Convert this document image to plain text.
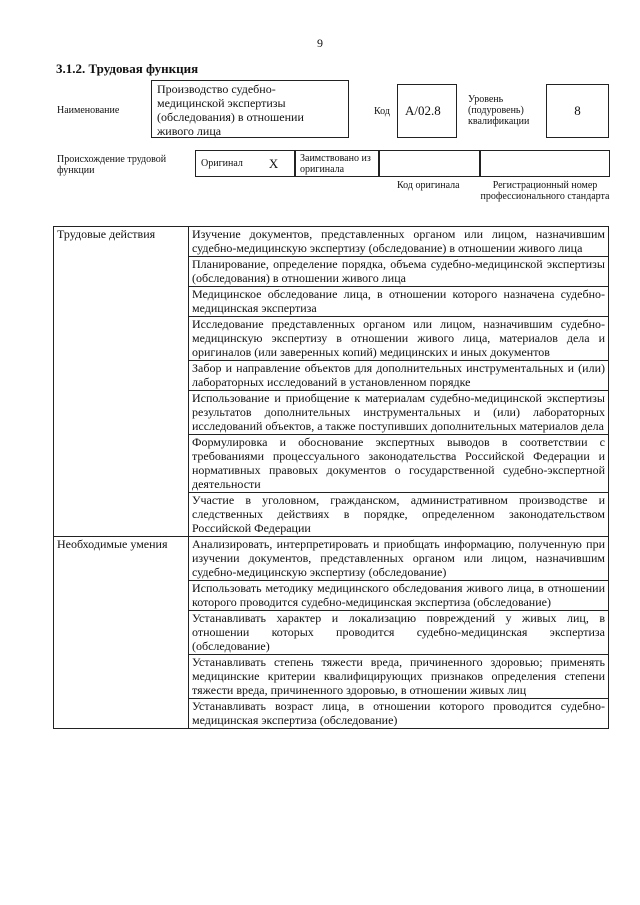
9
3.1.2. Трудовая функция
Наименование
Производство судебно-медицинской экспертизы (обследования) в отношении живого лица
Код	A/02.8
Уровень (подуровень) квалификации
8
Происхождение трудовой функции
Оригинал X	Заимствовано из оригинала
Код оригинала	Регистрационный номер профессионального стандарта
Трудовые действия	Изучение документов, представленных органом или лицом, назначившим судебно-медицинскую экспертизу (обследование) в отношении живого лица
	Планирование, определение порядка, объема судебно-медицинской экспертизы (обследования) в отношении живого лица
	Медицинское обследование лица, в отношении которого назначена судебно-медицинская экспертиза
	Исследование представленных органом или лицом, назначившим судебно-медицинскую экспертизу в отношении живого лица, материалов дела и оригиналов (или заверенных копий) медицинских и иных документов
	Забор и направление объектов для дополнительных инструментальных и (или) лабораторных исследований в установленном порядке
	Использование и приобщение к материалам судебно-медицинской экспертизы результатов дополнительных инструментальных и (или) лабораторных исследований объектов, а также поступивших дополнительных материалов дела
	Формулировка и обоснование экспертных выводов в соответствии с требованиями процессуального законодательства Российской Федерации и нормативных правовых документов о государственной судебно-экспертной деятельности
	Участие в уголовном, гражданском, административном производстве и следственных действиях в порядке, определенном законодательством Российской Федерации
Необходимые умения	Анализировать, интерпретировать и приобщать информацию, полученную при изучении документов, представленных органом или лицом, назначившим судебно-медицинскую экспертизу (обследование)
	Использовать методику медицинского обследования живого лица, в отношении которого проводится судебно-медицинская экспертиза (обследование)
	Устанавливать характер и локализацию повреждений у живых лиц, в отношении которых проводится судебно-медицинская экспертиза (обследование)
	Устанавливать степень тяжести вреда, причиненного здоровью; применять медицинские критерии квалифицирующих признаков определения степени тяжести вреда, причиненного здоровью, в отношении живых лиц
	Устанавливать возраст лица, в отношении которого проводится судебно-медицинская экспертиза (обследование)
